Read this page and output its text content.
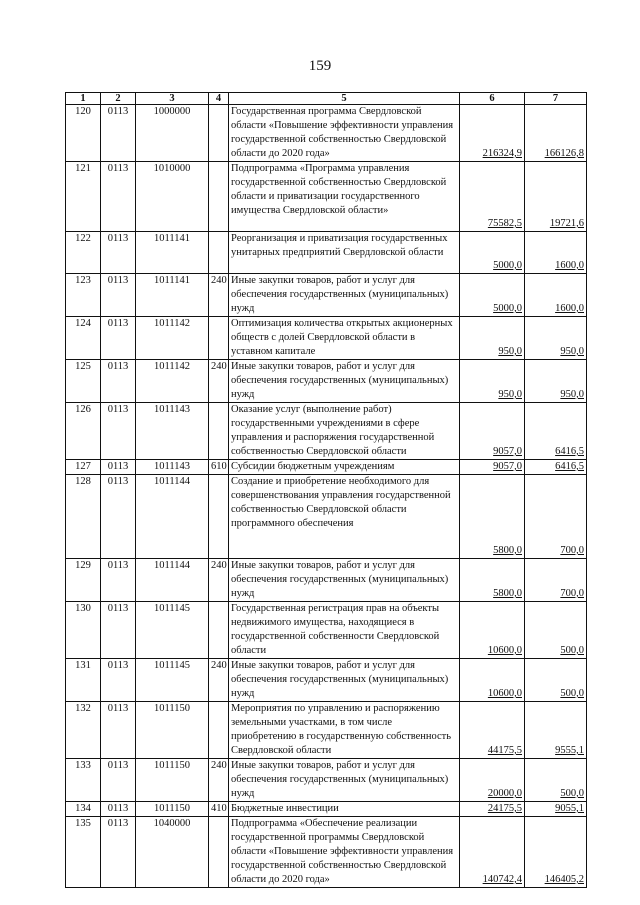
159
1	2	3	4	5	6	7
120	0113	1000000		Государственная программа Свердловской области «Повышение эффективности управления государственной собственностью Свердловской области до 2020 года»	216324,9	166126,8
121	0113	1010000		Подпрограмма «Программа управления государственной собственностью Свердловской области и приватизации государственного имущества Свердловской области»	75582,5	19721,6
122	0113	1011141		Реорганизация и приватизация государственных унитарных предприятий Свердловской области	5000,0	1600,0
123	0113	1011141	240	Иные закупки товаров, работ и услуг для обеспечения государственных (муниципальных) нужд	5000,0	1600,0
124	0113	1011142		Оптимизация количества открытых акционерных обществ с долей Свердловской области в уставном капитале	950,0	950,0
125	0113	1011142	240	Иные закупки товаров, работ и услуг для обеспечения государственных (муниципальных) нужд	950,0	950,0
126	0113	1011143		Оказание услуг (выполнение работ) государственными учреждениями в сфере управления и распоряжения государственной собственностью Свердловской области	9057,0	6416,5
127	0113	1011143	610	Субсидии бюджетным учреждениям	9057,0	6416,5
128	0113	1011144		Создание и приобретение необходимого для совершенствования управления государственной собственностью Свердловской области программного обеспечения	5800,0	700,0
129	0113	1011144	240	Иные закупки товаров, работ и услуг для обеспечения государственных (муниципальных) нужд	5800,0	700,0
130	0113	1011145		Государственная регистрация прав на объекты недвижимого имущества, находящиеся в государственной собственности Свердловской области	10600,0	500,0
131	0113	1011145	240	Иные закупки товаров, работ и услуг для обеспечения государственных (муниципальных) нужд	10600,0	500,0
132	0113	1011150		Мероприятия по управлению и распоряжению земельными участками, в том числе приобретению в государственную собственность Свердловской области	44175,5	9555,1
133	0113	1011150	240	Иные закупки товаров, работ и услуг для обеспечения государственных (муниципальных) нужд	20000,0	500,0
134	0113	1011150	410	Бюджетные инвестиции	24175,5	9055,1
135	0113	1040000		Подпрограмма «Обеспечение реализации государственной программы Свердловской области «Повышение эффективности управления государственной собственностью Свердловской области до 2020 года»	140742,4	146405,2
